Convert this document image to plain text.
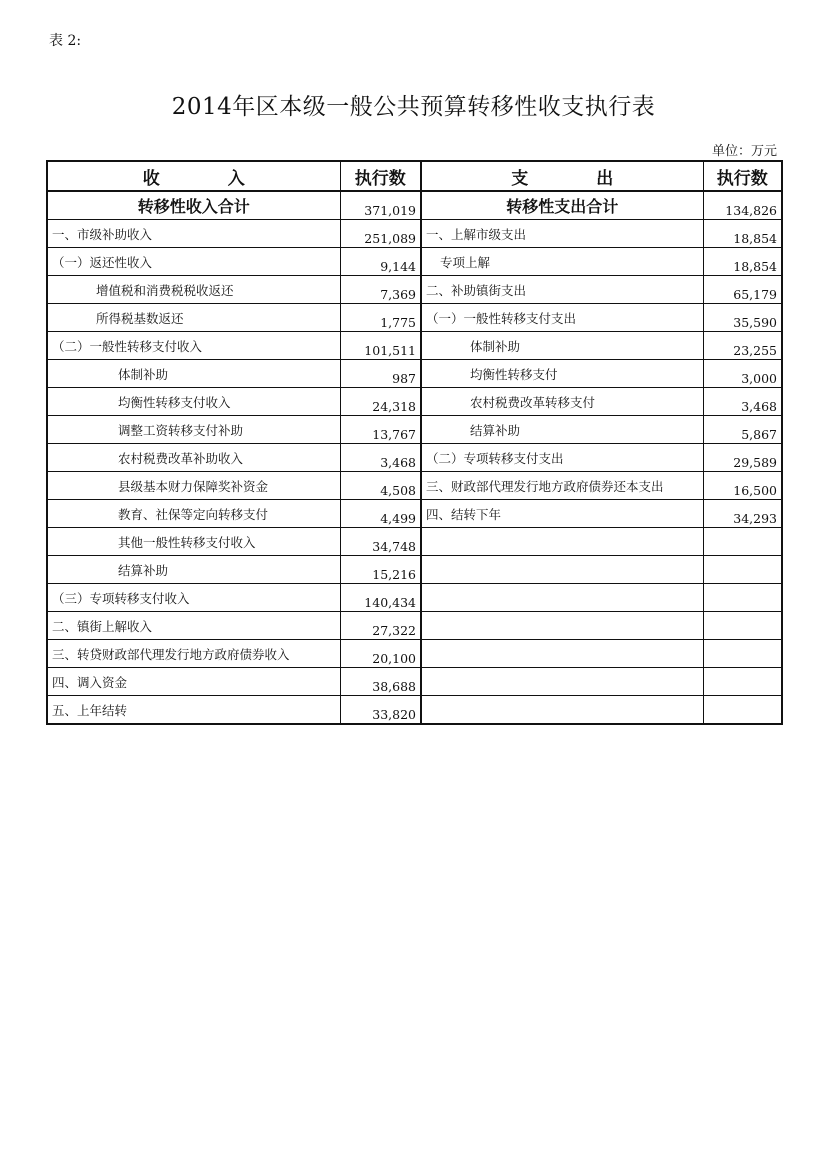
表 2:
2014年区本级一般公共预算转移性收支执行表
单位：万元
收　　　　入	执行数	支　　　　出	执行数
转移性收入合计	371,019	转移性支出合计	134,826
一、市级补助收入	251,089	一、上解市级支出	18,854
（一）返还性收入	9,144	专项上解	18,854
增值税和消费税税收返还	7,369	二、补助镇街支出	65,179
所得税基数返还	1,775	（一）一般性转移支付支出	35,590
（二）一般性转移支付收入	101,511	体制补助	23,255
体制补助	987	均衡性转移支付	3,000
均衡性转移支付收入	24,318	农村税费改革转移支付	3,468
调整工资转移支付补助	13,767	结算补助	5,867
农村税费改革补助收入	3,468	（二）专项转移支付支出	29,589
县级基本财力保障奖补资金	4,508	三、财政部代理发行地方政府债券还本支出	16,500
教育、社保等定向转移支付	4,499	四、结转下年	34,293
其他一般性转移支付收入	34,748		
结算补助	15,216		
（三）专项转移支付收入	140,434		
二、镇街上解收入	27,322		
三、转贷财政部代理发行地方政府债券收入	20,100		
四、调入资金	38,688		
五、上年结转	33,820		
